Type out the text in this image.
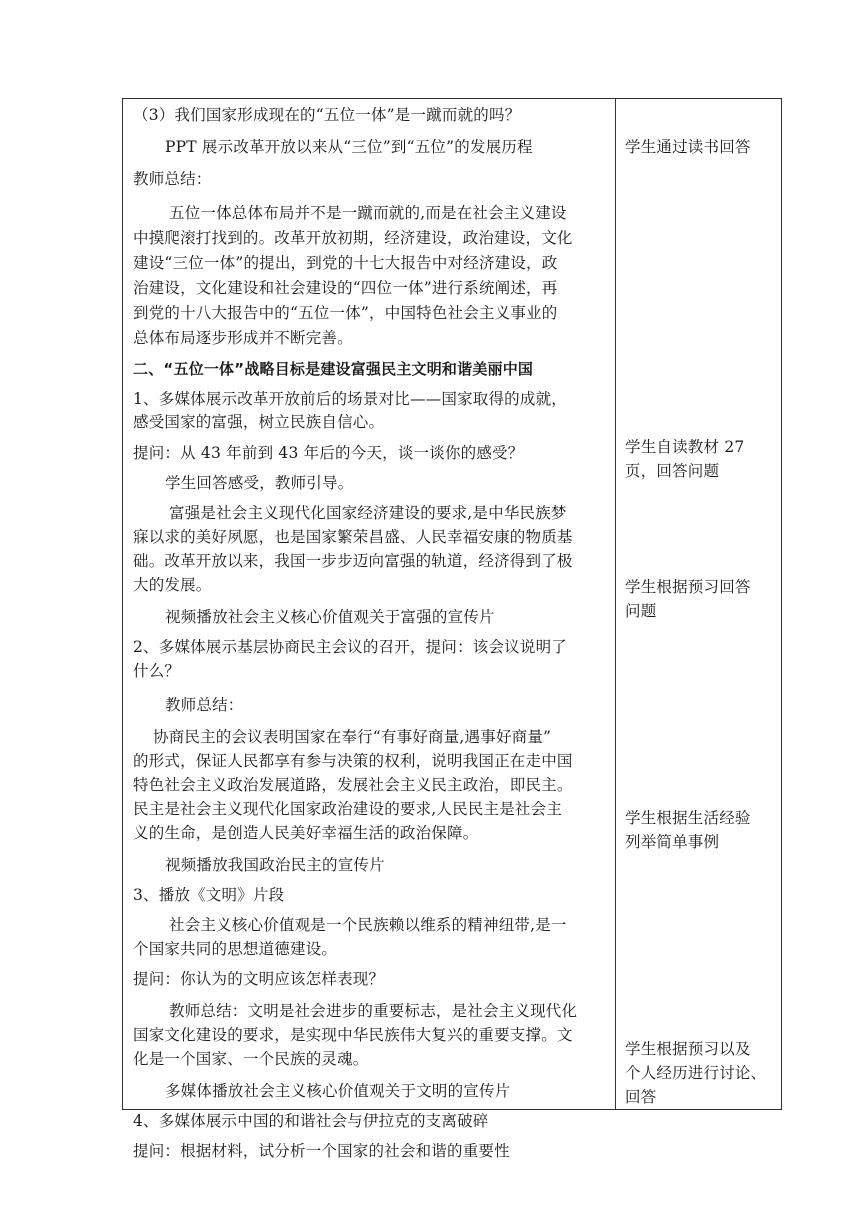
（3）我们国家形成现在的“五位一体”是一蹴而就的吗？
PPT 展示改革开放以来从“三位”到“五位”的发展历程
教师总结：
五位一体总体布局并不是一蹴而就的,而是在社会主义建设
中摸爬滚打找到的。改革开放初期，经济建设，政治建设，文化
建设“三位一体”的提出，到党的十七大报告中对经济建设，政
治建设，文化建设和社会建设的“四位一体”进行系统阐述，再
到党的十八大报告中的“五位一体”，中国特色社会主义事业的
总体布局逐步形成并不断完善。
二、“五位一体”战略目标是建设富强民主文明和谐美丽中国
1、多媒体展示改革开放前后的场景对比——国家取得的成就，
感受国家的富强，树立民族自信心。
提问：从 43 年前到 43 年后的今天，谈一谈你的感受？
学生回答感受，教师引导。
富强是社会主义现代化国家经济建设的要求,是中华民族梦
寐以求的美好夙愿，也是国家繁荣昌盛、人民幸福安康的物质基
础。改革开放以来，我国一步步迈向富强的轨道，经济得到了极
大的发展。
视频播放社会主义核心价值观关于富强的宣传片
2、多媒体展示基层协商民主会议的召开，提问：该会议说明了
什么？
教师总结：
协商民主的会议表明国家在奉行“有事好商量,遇事好商量”
的形式，保证人民都享有参与决策的权利，说明我国正在走中国
特色社会主义政治发展道路，发展社会主义民主政治，即民主。
民主是社会主义现代化国家政治建设的要求,人民民主是社会主
义的生命，是创造人民美好幸福生活的政治保障。
视频播放我国政治民主的宣传片
3、播放《文明》片段
社会主义核心价值观是一个民族赖以维系的精神纽带,是一
个国家共同的思想道德建设。
提问：你认为的文明应该怎样表现？
教师总结：文明是社会进步的重要标志，是社会主义现代化
国家文化建设的要求，是实现中华民族伟大复兴的重要支撑。文
化是一个国家、一个民族的灵魂。
多媒体播放社会主义核心价值观关于文明的宣传片
4、多媒体展示中国的和谐社会与伊拉克的支离破碎
提问：根据材料，试分析一个国家的社会和谐的重要性
学生通过读书回答
学生自读教材 27
页，回答问题
学生根据预习回答
问题
学生根据生活经验
列举简单事例
学生根据预习以及
个人经历进行讨论、
回答
